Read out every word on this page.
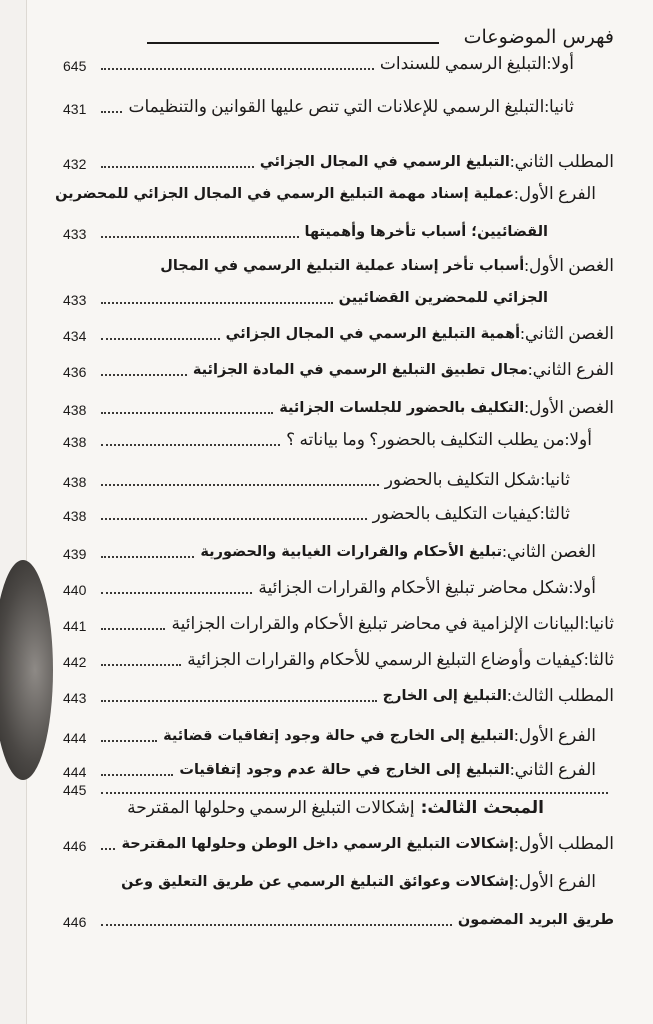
فهرس الموضوعات
أولا:
التبليغ الرسمي للسندات
645
ثانيا:
التبليغ الرسمي للإعلانات التي تنص عليها القوانين والتنظيمات
431
المطلب الثاني:
التبليغ الرسمي في المجال الجزائي
432
الفرع الأول:
عملية إسناد مهمة التبليغ الرسمي في المجال الجزائي للمحضرين
القضائيين؛ أسباب تأخرها وأهميتها
433
الغصن الأول:
أسباب تأخر إسناد عملية التبليغ الرسمي في المجال
الجزائي للمحضرين القضائيين
433
الغصن الثاني:
أهمية التبليغ الرسمي في المجال الجزائي
434
الفرع الثاني:
مجال تطبيق التبليغ الرسمي في المادة الجزائية
436
الغصن الأول:
التكليف بالحضور للجلسات الجزائية
438
أولا:
من يطلب التكليف بالحضور؟ وما بياناته ؟
438
ثانيا:
شكل التكليف بالحضور
438
ثالثا:
كيفيات التكليف بالحضور
438
الغصن الثاني:
تبليغ الأحكام والقرارات الغيابية والحضورية
439
أولا:
شكل محاضر تبليغ الأحكام والقرارات الجزائية
440
ثانيا:
البيانات الإلزامية في محاضر تبليغ الأحكام والقرارات الجزائية
441
ثالثا:
كيفيات وأوضاع التبليغ الرسمي للأحكام والقرارات الجزائية
442
المطلب الثالث:
التبليغ إلى الخارج
443
الفرع الأول:
التبليغ إلى الخارج في حالة وجود إتفاقيات قضائية
444
الفرع الثاني:
التبليغ إلى الخارج في حالة عدم وجود إتفاقيات
444
445
المبحث الثالث: إشكالات التبليغ الرسمي وحلولها المقترحة
المطلب الأول:
إشكالات التبليغ الرسمي داخل الوطن وحلولها المقترحة
446
الفرع الأول:
إشكالات وعوائق التبليغ الرسمي عن طريق التعليق وعن
طريق البريد المضمون
446
